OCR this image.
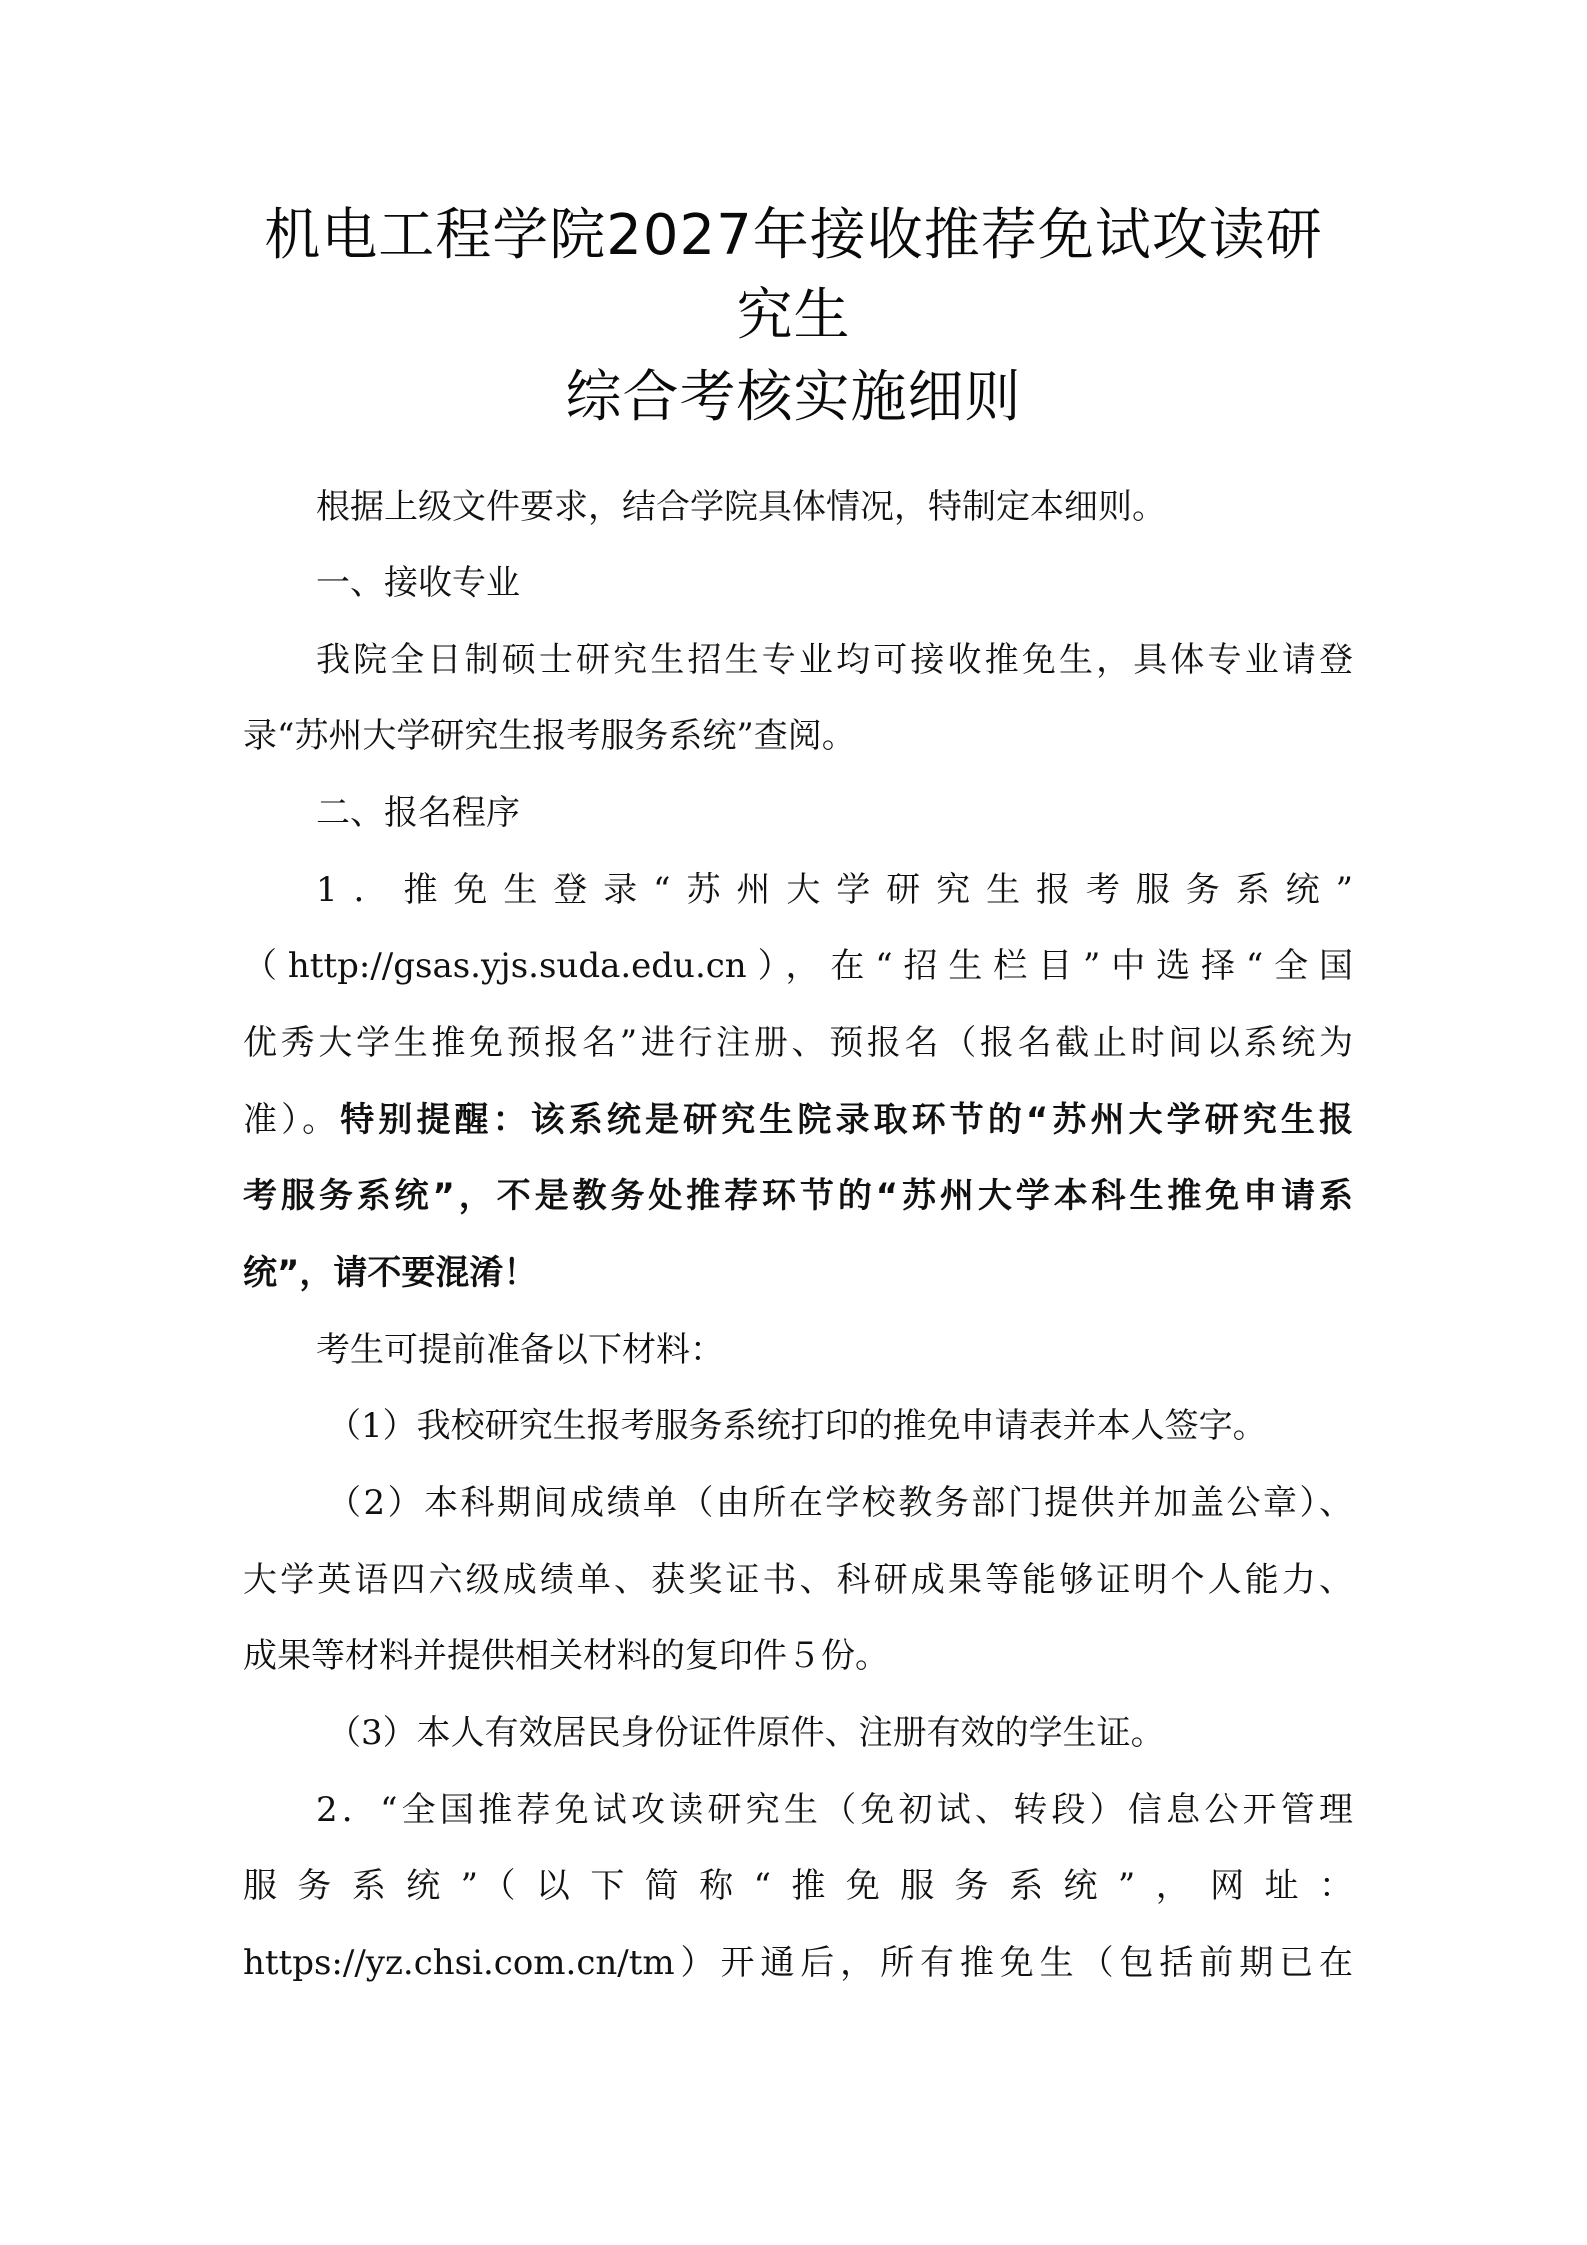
机电工程学院2027年接收推荐免试攻读研
究生
综合考核实施细则
根据上级文件要求，结合学院具体情况，特制定本细则。
一、接收专业
我院全日制硕士研究生招生专业均可接收推免生，具体专业请登
录“苏州大学研究生报考服务系统”查阅。
二、报名程序
1．推免生登录“苏州大学研究生报考服务系统”
（http://gsas.yjs.suda.edu.cn），在“招生栏目”中选择“全国
优秀大学生推免预报名”进行注册、预报名（报名截止时间以系统为
准）。特别提醒：该系统是研究生院录取环节的“苏州大学研究生报
考服务系统”，不是教务处推荐环节的“苏州大学本科生推免申请系
统”，请不要混淆！
考生可提前准备以下材料：
（1）我校研究生报考服务系统打印的推免申请表并本人签字。
（2）本科期间成绩单（由所在学校教务部门提供并加盖公章）、
大学英语四六级成绩单、获奖证书、科研成果等能够证明个人能力、
成果等材料并提供相关材料的复印件５份。
（3）本人有效居民身份证件原件、注册有效的学生证。
2．“全国推荐免试攻读研究生（免初试、转段）信息公开管理
服务系统”（以下简称“推免服务系统”，网址：
https://yz.chsi.com.cn/tm）开通后，所有推免生（包括前期已在
